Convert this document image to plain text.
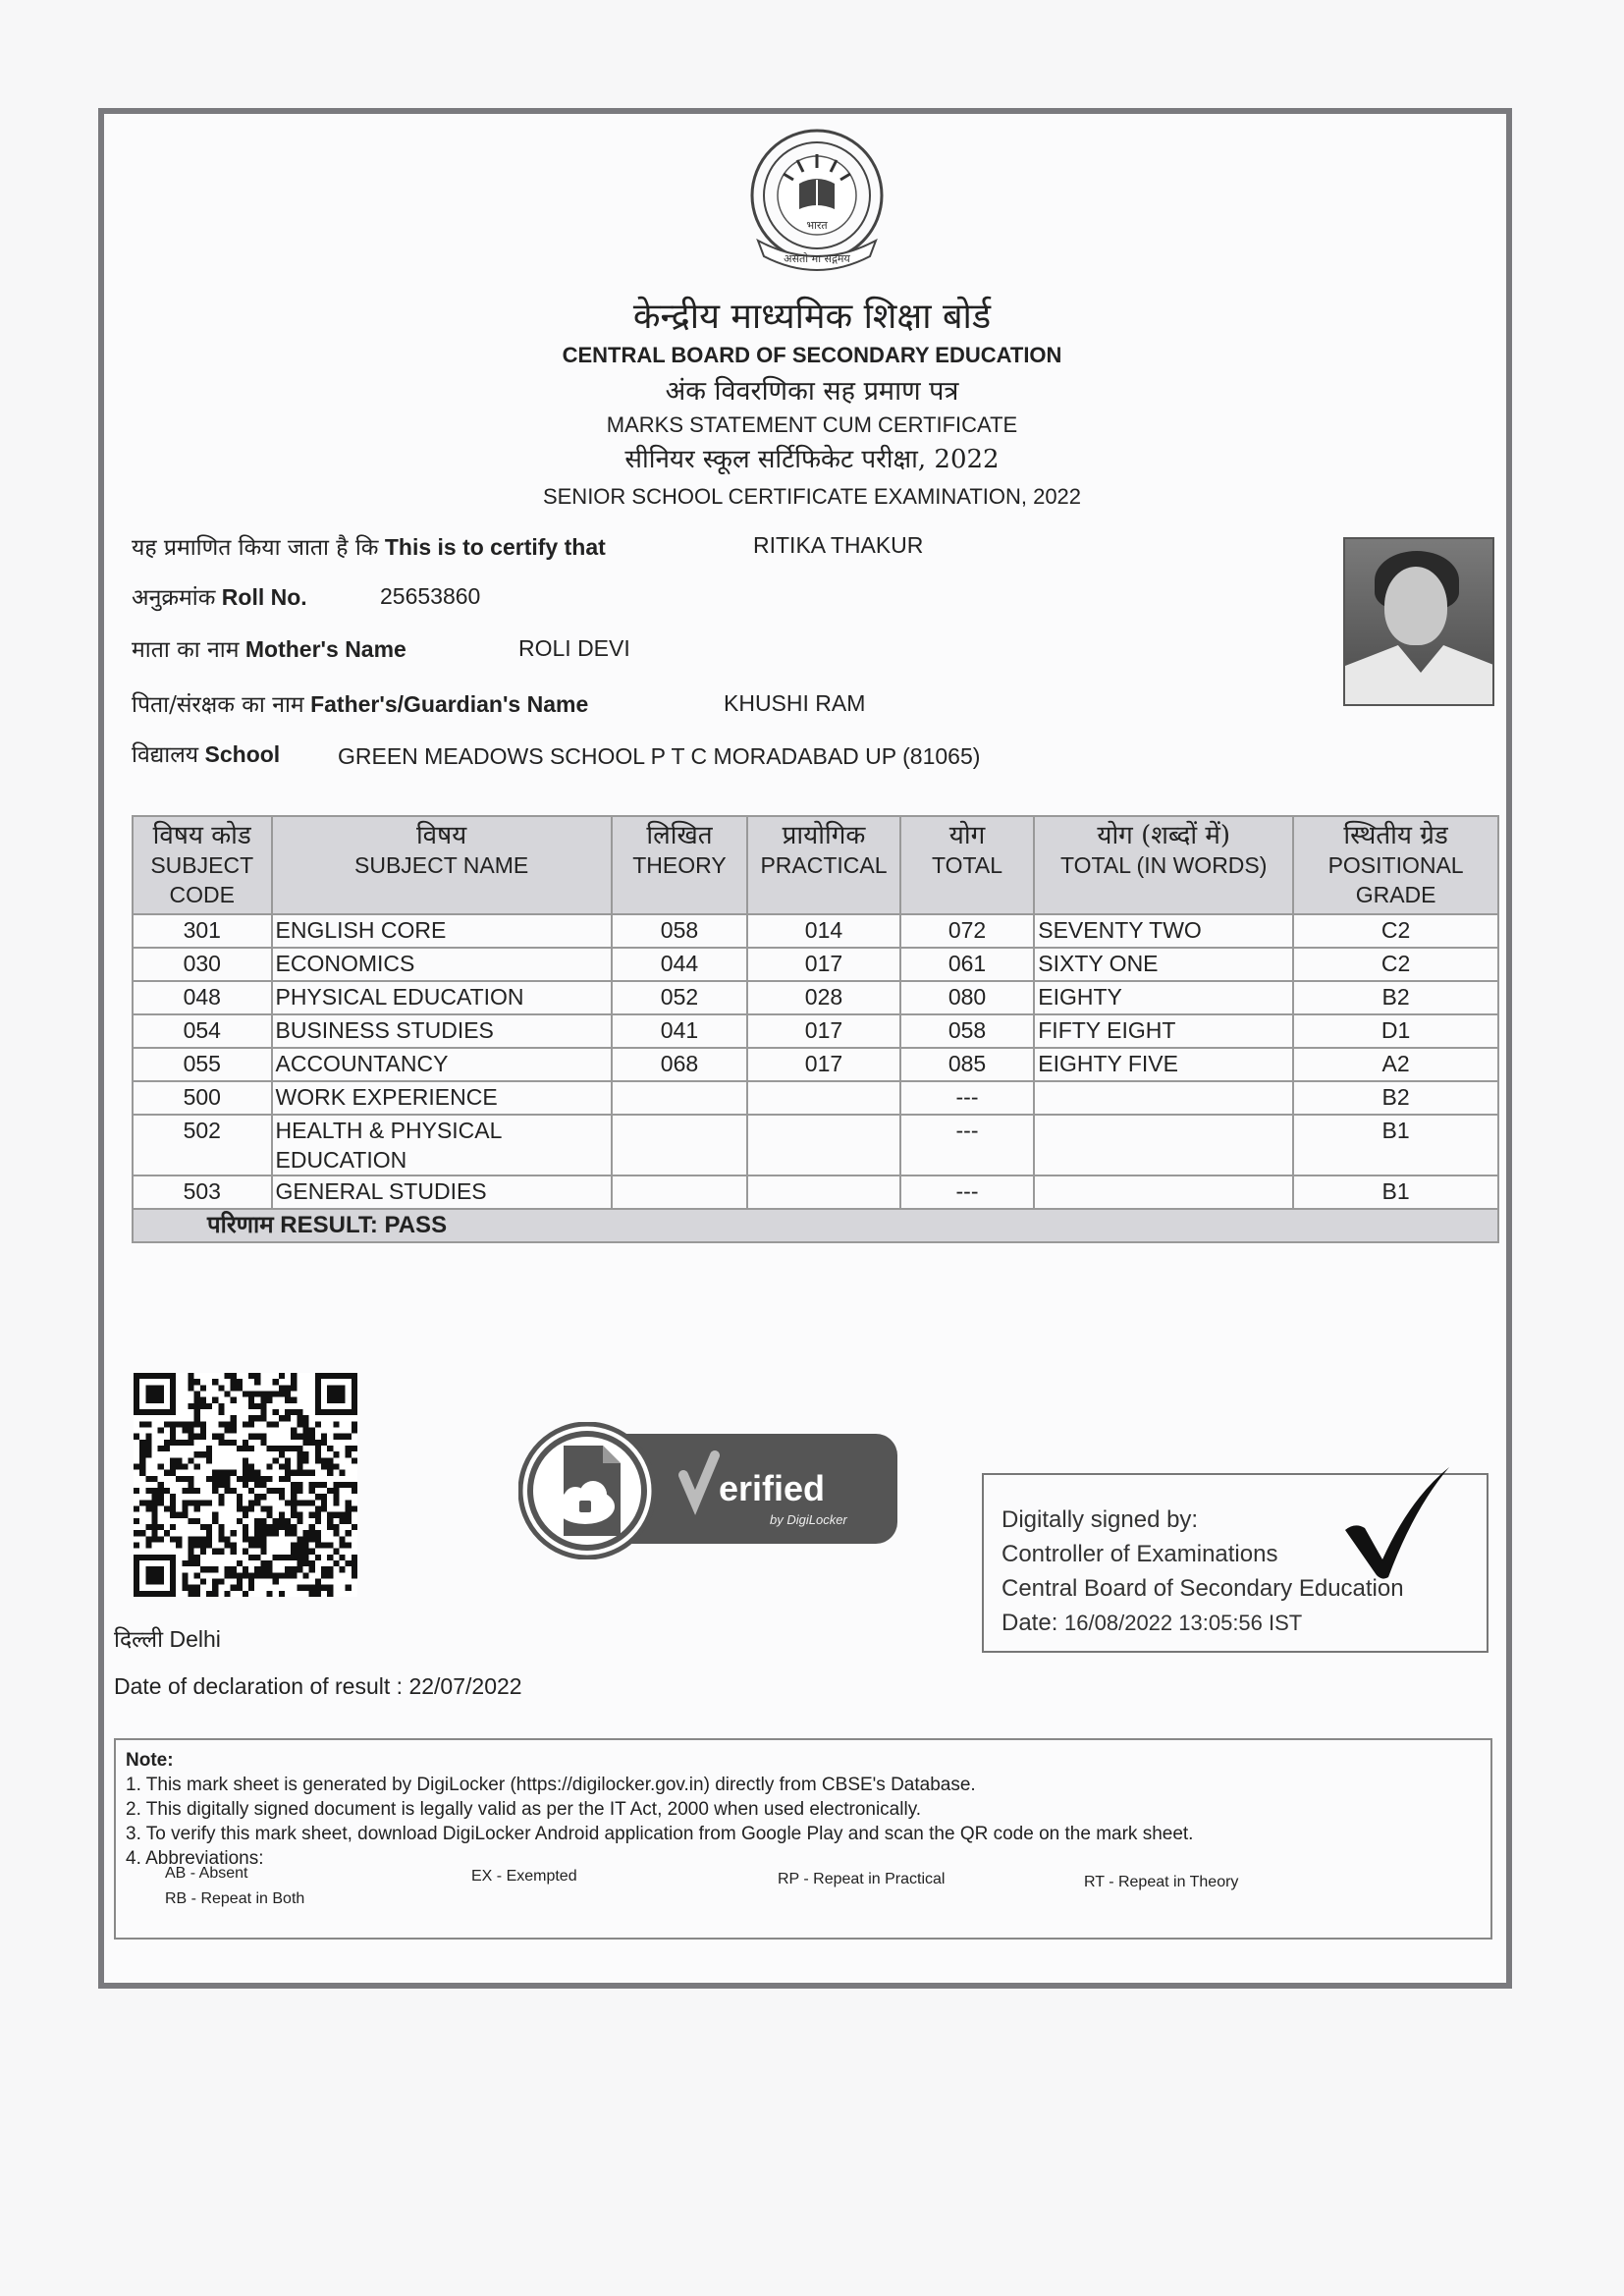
भारत
असतो मा सद्गमय
केन्द्रीय माध्यमिक शिक्षा बोर्ड
CENTRAL BOARD OF SECONDARY EDUCATION
अंक विवरणिका सह प्रमाण पत्र
MARKS STATEMENT CUM CERTIFICATE
सीनियर स्कूल सर्टिफिकेट परीक्षा, 2022
SENIOR SCHOOL CERTIFICATE EXAMINATION, 2022
यह प्रमाणित किया जाता है कि This is to certify that	RITIKA THAKUR
अनुक्रमांक Roll No.	25653860
माता का नाम Mother's Name	ROLI DEVI
पिता/संरक्षक का नाम Father's/Guardian's Name	KHUSHI RAM
विद्यालय School	GREEN MEADOWS SCHOOL P T C MORADABAD UP (81065)
विषय कोड
SUBJECT
CODE	विषय
SUBJECT NAME	लिखित
THEORY	प्रायोगिक
PRACTICAL	योग
TOTAL	योग (शब्दों में)
TOTAL (IN WORDS)	स्थितीय ग्रेड
POSITIONAL
GRADE

301	ENGLISH CORE	058	014	072	SEVENTY TWO	C2
030	ECONOMICS	044	017	061	SIXTY ONE	C2
048	PHYSICAL EDUCATION	052	028	080	EIGHTY	B2
054	BUSINESS STUDIES	041	017	058	FIFTY EIGHT	D1
055	ACCOUNTANCY	068	017	085	EIGHTY FIVE	A2
500	WORK EXPERIENCE			---		B2
502	HEALTH & PHYSICAL EDUCATION			---		B1
503	GENERAL STUDIES			---		B1
परिणाम RESULT: PASS						
erified
by DigiLocker	Digitally signed by:
Controller of Examinations
Central Board of Secondary Education
Date: 16/08/2022 13:05:56 IST
दिल्ली Delhi
Date of declaration of result : 22/07/2022
Note:
1. This mark sheet is generated by DigiLocker (https://digilocker.gov.in) directly from CBSE's Database.
2. This digitally signed document is legally valid as per the IT Act, 2000 when used electronically.
3. To verify this mark sheet, download DigiLocker Android application from Google Play and scan the QR code on the mark sheet.
4. Abbreviations:
AB - Absent
RB - Repeat in Both
EX - Exempted	RP - Repeat in Practical	RT - Repeat in Theory
